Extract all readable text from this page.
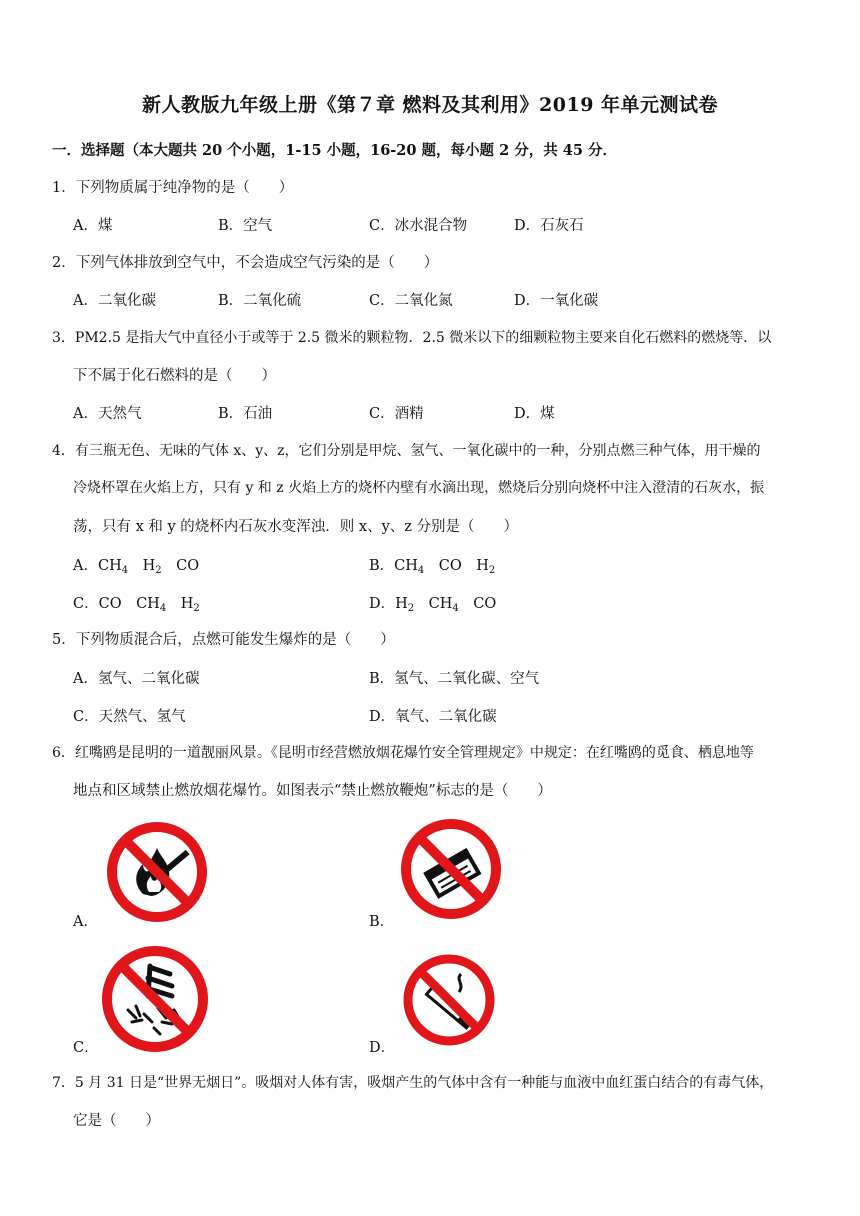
新人教版九年级上册《第７章 燃料及其利用》2019 年单元测试卷
一．选择题（本大题共 20 个小题，1-15 小题，16-20 题，每小题 2 分，共 45 分．
1．下列物质属于纯净物的是（　　）
A．煤	B．空气	C．冰水混合物	D．石灰石
2．下列气体排放到空气中，不会造成空气污染的是（　　）
A．二氧化碳	B．二氧化硫	C．二氧化氮	D．一氧化碳
3．PM2.5 是指大气中直径小于或等于 2.5 微米的颗粒物．2.5 微米以下的细颗粒物主要来自化石燃料的燃烧等．以
下不属于化石燃料的是（　　）
A．天然气	B．石油	C．酒精	D．煤
4．有三瓶无色、无味的气体 x、y、z，它们分别是甲烷、氢气、一氧化碳中的一种，分别点燃三种气体，用干燥的
冷烧杯罩在火焰上方，只有 y 和 z 火焰上方的烧杯内壁有水滴出现，燃烧后分别向烧杯中注入澄清的石灰水，振
荡，只有 x 和 y 的烧杯内石灰水变浑浊．则 x、y、z 分别是（　　）
A．$CH_4$　$H_2$　CO	B．$CH_4$　CO　$H_2$
C．CO　$CH_4$　$H_2$	D．$H_2$　$CH_4$　CO
5．下列物质混合后，点燃可能发生爆炸的是（　　）
A．氢气、二氧化碳	B．氢气、二氧化碳、空气
C．天然气、氢气	D．氧气、二氧化碳
6．红嘴鸥是昆明的一道靓丽风景。《昆明市经营燃放烟花爆竹安全管理规定》中规定：在红嘴鸥的觅食、栖息地等
地点和区域禁止燃放烟花爆竹。如图表示“禁止燃放鞭炮”标志的是（　　）
A．	B．
C．	D．
7．5 月 31 日是“世界无烟日”。吸烟对人体有害，吸烟产生的气体中含有一种能与血液中血红蛋白结合的有毒气体，
它是（　　）
